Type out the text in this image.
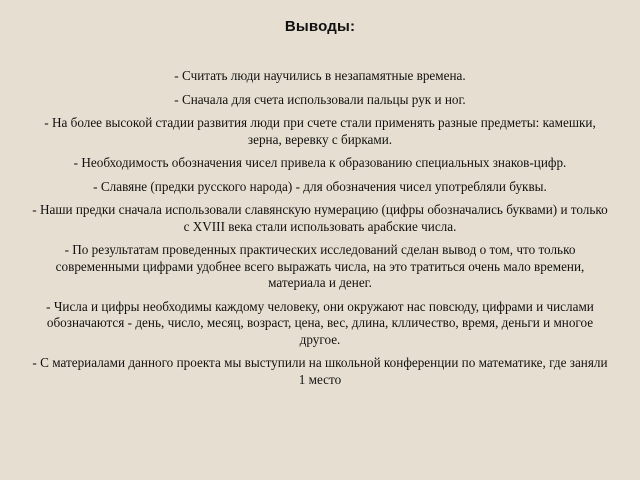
Выводы:
- Считать люди научились в незапамятные времена.
- Сначала для счета использовали пальцы рук и ног.
- На более высокой стадии развития люди при счете стали применять разные предметы: камешки, зерна, веревку с бирками.
- Необходимость обозначения чисел привела к образованию специальных знаков-цифр.
- Славяне (предки русского народа) - для обозначения чисел употребляли буквы.
- Наши предки сначала использовали славянскую нумерацию (цифры обозначались буквами) и только с XVIII века стали использовать арабские числа.
- По результатам проведенных практических исследований сделан вывод о том, что только современными цифрами удобнее всего выражать числа, на это тратиться очень мало времени, материала и денег.
- Числа и цифры необходимы каждому человеку, они окружают нас повсюду, цифрами и числами обозначаются - день, число, месяц, возраст, цена, вес, длина, клличество, время, деньги и многое другое.
- С материалами данного проекта мы выступили на школьной конференции по математике, где заняли 1 место
